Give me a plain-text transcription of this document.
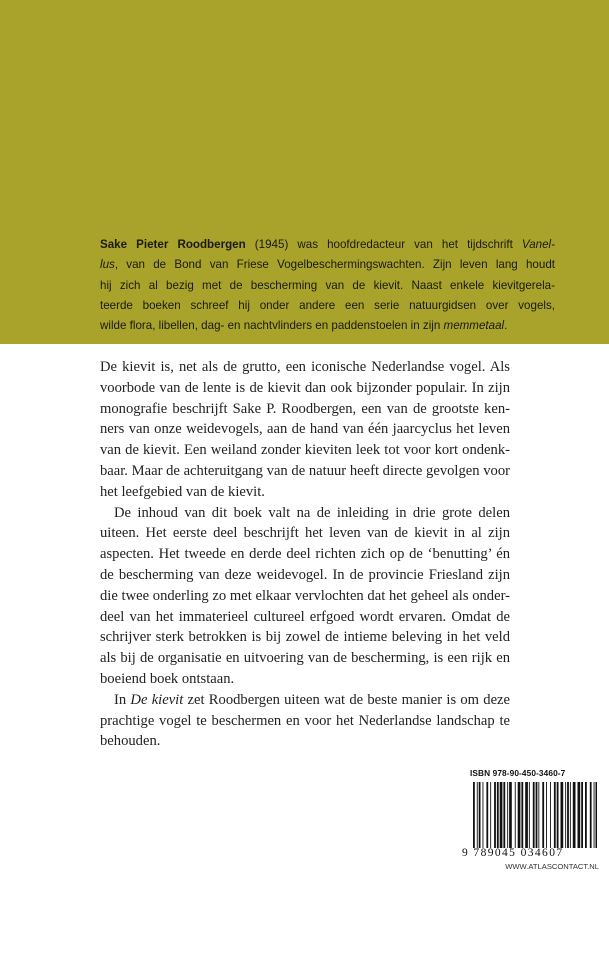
Sake Pieter Roodbergen (1945) was hoofdredacteur van het tijdschrift Vanel-
lus, van de Bond van Friese Vogelbeschermingswachten. Zijn leven lang houdt
hij zich al bezig met de bescherming van de kievit. Naast enkele kievitgerela-
teerde boeken schreef hij onder andere een serie natuurgidsen over vogels,
wilde flora, libellen, dag- en nachtvlinders en paddenstoelen in zijn memmetaal.
De kievit is, net als de grutto, een iconische Nederlandse vogel. Als
voorbode van de lente is de kievit dan ook bijzonder populair. In zijn
monografie beschrijft Sake P. Roodbergen, een van de grootste ken-
ners van onze weidevogels, aan de hand van één jaarcyclus het leven
van de kievit. Een weiland zonder kieviten leek tot voor kort ondenk-
baar. Maar de achteruitgang van de natuur heeft directe gevolgen voor
het leefgebied van de kievit.
De inhoud van dit boek valt na de inleiding in drie grote delen
uiteen. Het eerste deel beschrijft het leven van de kievit in al zijn
aspecten. Het tweede en derde deel richten zich op de ‘benutting’ én
de bescherming van deze weidevogel. In de provincie Friesland zijn
die twee onderling zo met elkaar vervlochten dat het geheel als onder-
deel van het immaterieel cultureel erfgoed wordt ervaren. Omdat de
schrijver sterk betrokken is bij zowel de intieme beleving in het veld
als bij de organisatie en uitvoering van de bescherming, is een rijk en
boeiend boek ontstaan.
In De kievit zet Roodbergen uiteen wat de beste manier is om deze
prachtige vogel te beschermen en voor het Nederlandse landschap te
behouden.
ISBN 978-90-450-3460-7
9 789045 034607
WWW.ATLASCONTACT.NL
